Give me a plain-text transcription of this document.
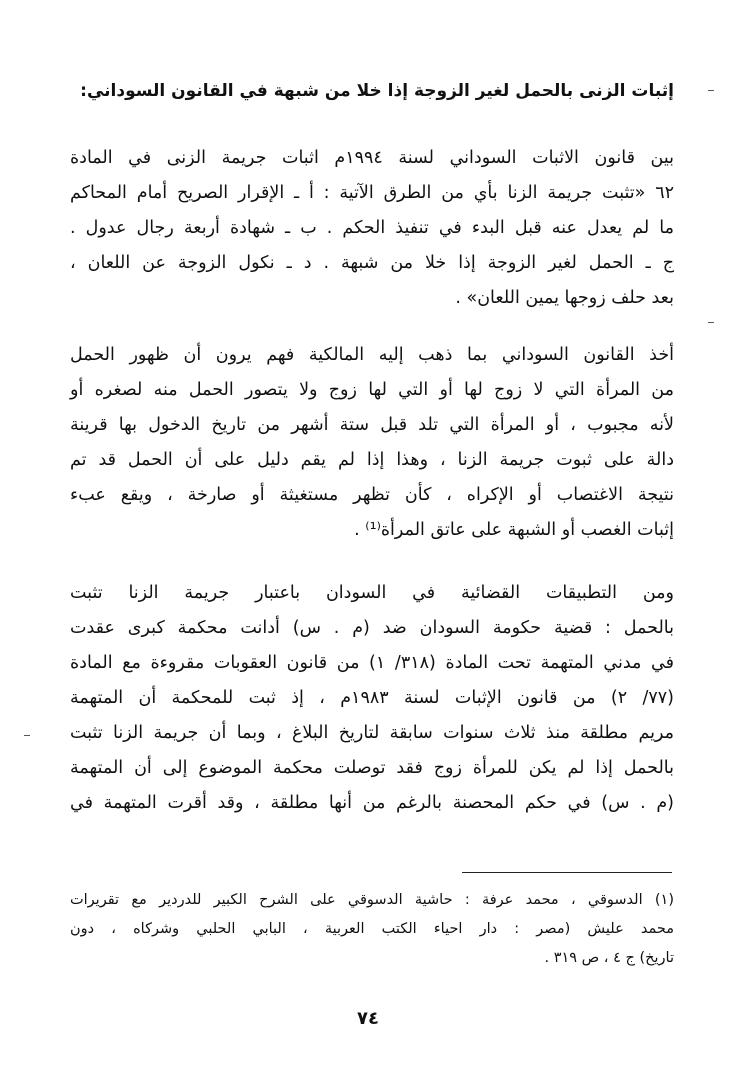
إثبات الزنى بالحمل لغير الزوجة إذا خلا من شبهة في القانون السوداني:
بين قانون الاثبات السوداني لسنة ١٩٩٤م اثبات جريمة الزنى في المادة
٦٢ «تثبت جريمة الزنا بأي من الطرق الآتية : أ ـ الإقرار الصريح أمام المحاكم
ما لم يعدل عنه قبل البدء في تنفيذ الحكم . ب ـ شهادة أربعة رجال عدول .
ج ـ الحمل لغير الزوجة إذا خلا من شبهة . د ـ نكول الزوجة عن اللعان ،
بعد حلف زوجها يمين اللعان» .
أخذ القانون السوداني بما ذهب إليه المالكية فهم يرون أن ظهور الحمل
من المرأة التي لا زوج لها أو التي لها زوج ولا يتصور الحمل منه لصغره أو
لأنه مجبوب ، أو المرأة التي تلد قبل ستة أشهر من تاريخ الدخول بها قرينة
دالة على ثبوت جريمة الزنا ، وهذا إذا لم يقم دليل على أن الحمل قد تم
نتيجة الاغتصاب أو الإكراه ، كأن تظهر مستغيثة أو صارخة ، ويقع عبء
إثبات الغصب أو الشبهة على عاتق المرأة⁽¹⁾ .
ومن التطبيقات القضائية في السودان باعتبار جريمة الزنا تثبت
بالحمل : قضية حكومة السودان ضد (م . س) أدانت محكمة كبرى عقدت
في مدني المتهمة تحت المادة (٣١٨/ ١) من قانون العقوبات مقروءة مع المادة
(٧٧/ ٢) من قانون الإثبات لسنة ١٩٨٣م ، إذ ثبت للمحكمة أن المتهمة
مريم مطلقة منذ ثلاث سنوات سابقة لتاريخ البلاغ ، وبما أن جريمة الزنا تثبت
بالحمل إذا لم يكن للمرأة زوج فقد توصلت محكمة الموضوع إلى أن المتهمة
(م . س) في حكم المحصنة بالرغم من أنها مطلقة ، وقد أقرت المتهمة في
(١) الدسوقي ، محمد عرفة : حاشية الدسوقي على الشرح الكبير للدردير مع تقريرات
محمد عليش (مصر : دار احياء الكتب العربية ، البابي الحلبي وشركاه ، دون
تاريخ) ج ٤ ، ص ٣١٩ .
٧٤
